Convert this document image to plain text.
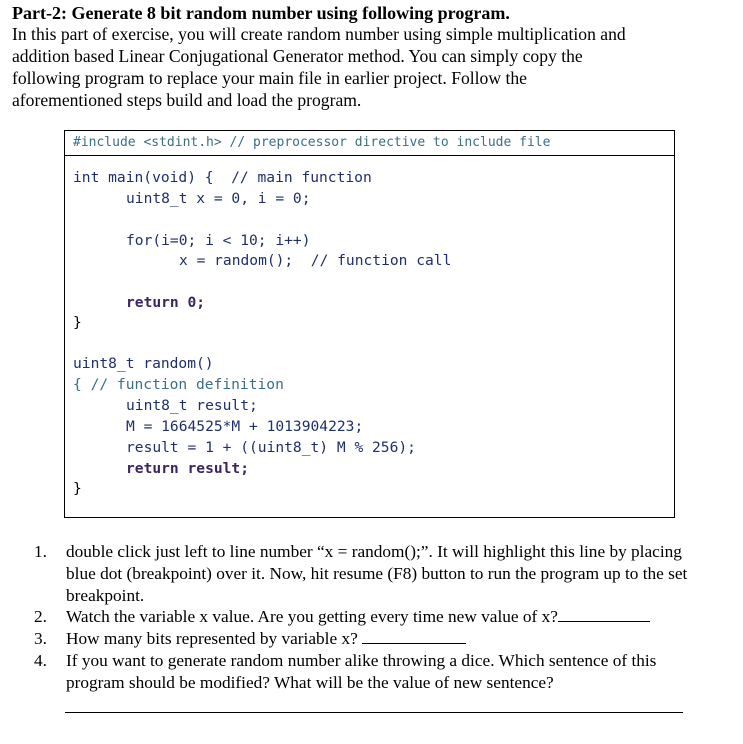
Part-2: Generate 8 bit random number using following program.
In this part of exercise, you will create random number using simple multiplication and
addition based Linear Conjugational Generator method. You can simply copy the
following program to replace your main file in earlier project. Follow the
aforementioned steps build and load the program.
#include <stdint.h> // preprocessor directive to include file
int main(void) {  // main function
uint8_t x = 0, i = 0;
for(i=0; i < 10; i++)
x = random();  // function call
return 0;
}
uint8_t random()
{ // function definition
uint8_t result;
M = 1664525*M + 1013904223;
result = 1 + ((uint8_t) M % 256);
return result;
}
1. double click just left to line number “x = random();”. It will highlight this line by placing blue dot (breakpoint) over it. Now, hit resume (F8) button to run the program up to the set breakpoint.
2. Watch the variable x value. Are you getting every time new value of x?
3. How many bits represented by variable x?
4. If you want to generate random number alike throwing a dice. Which sentence of this program should be modified? What will be the value of new sentence?
